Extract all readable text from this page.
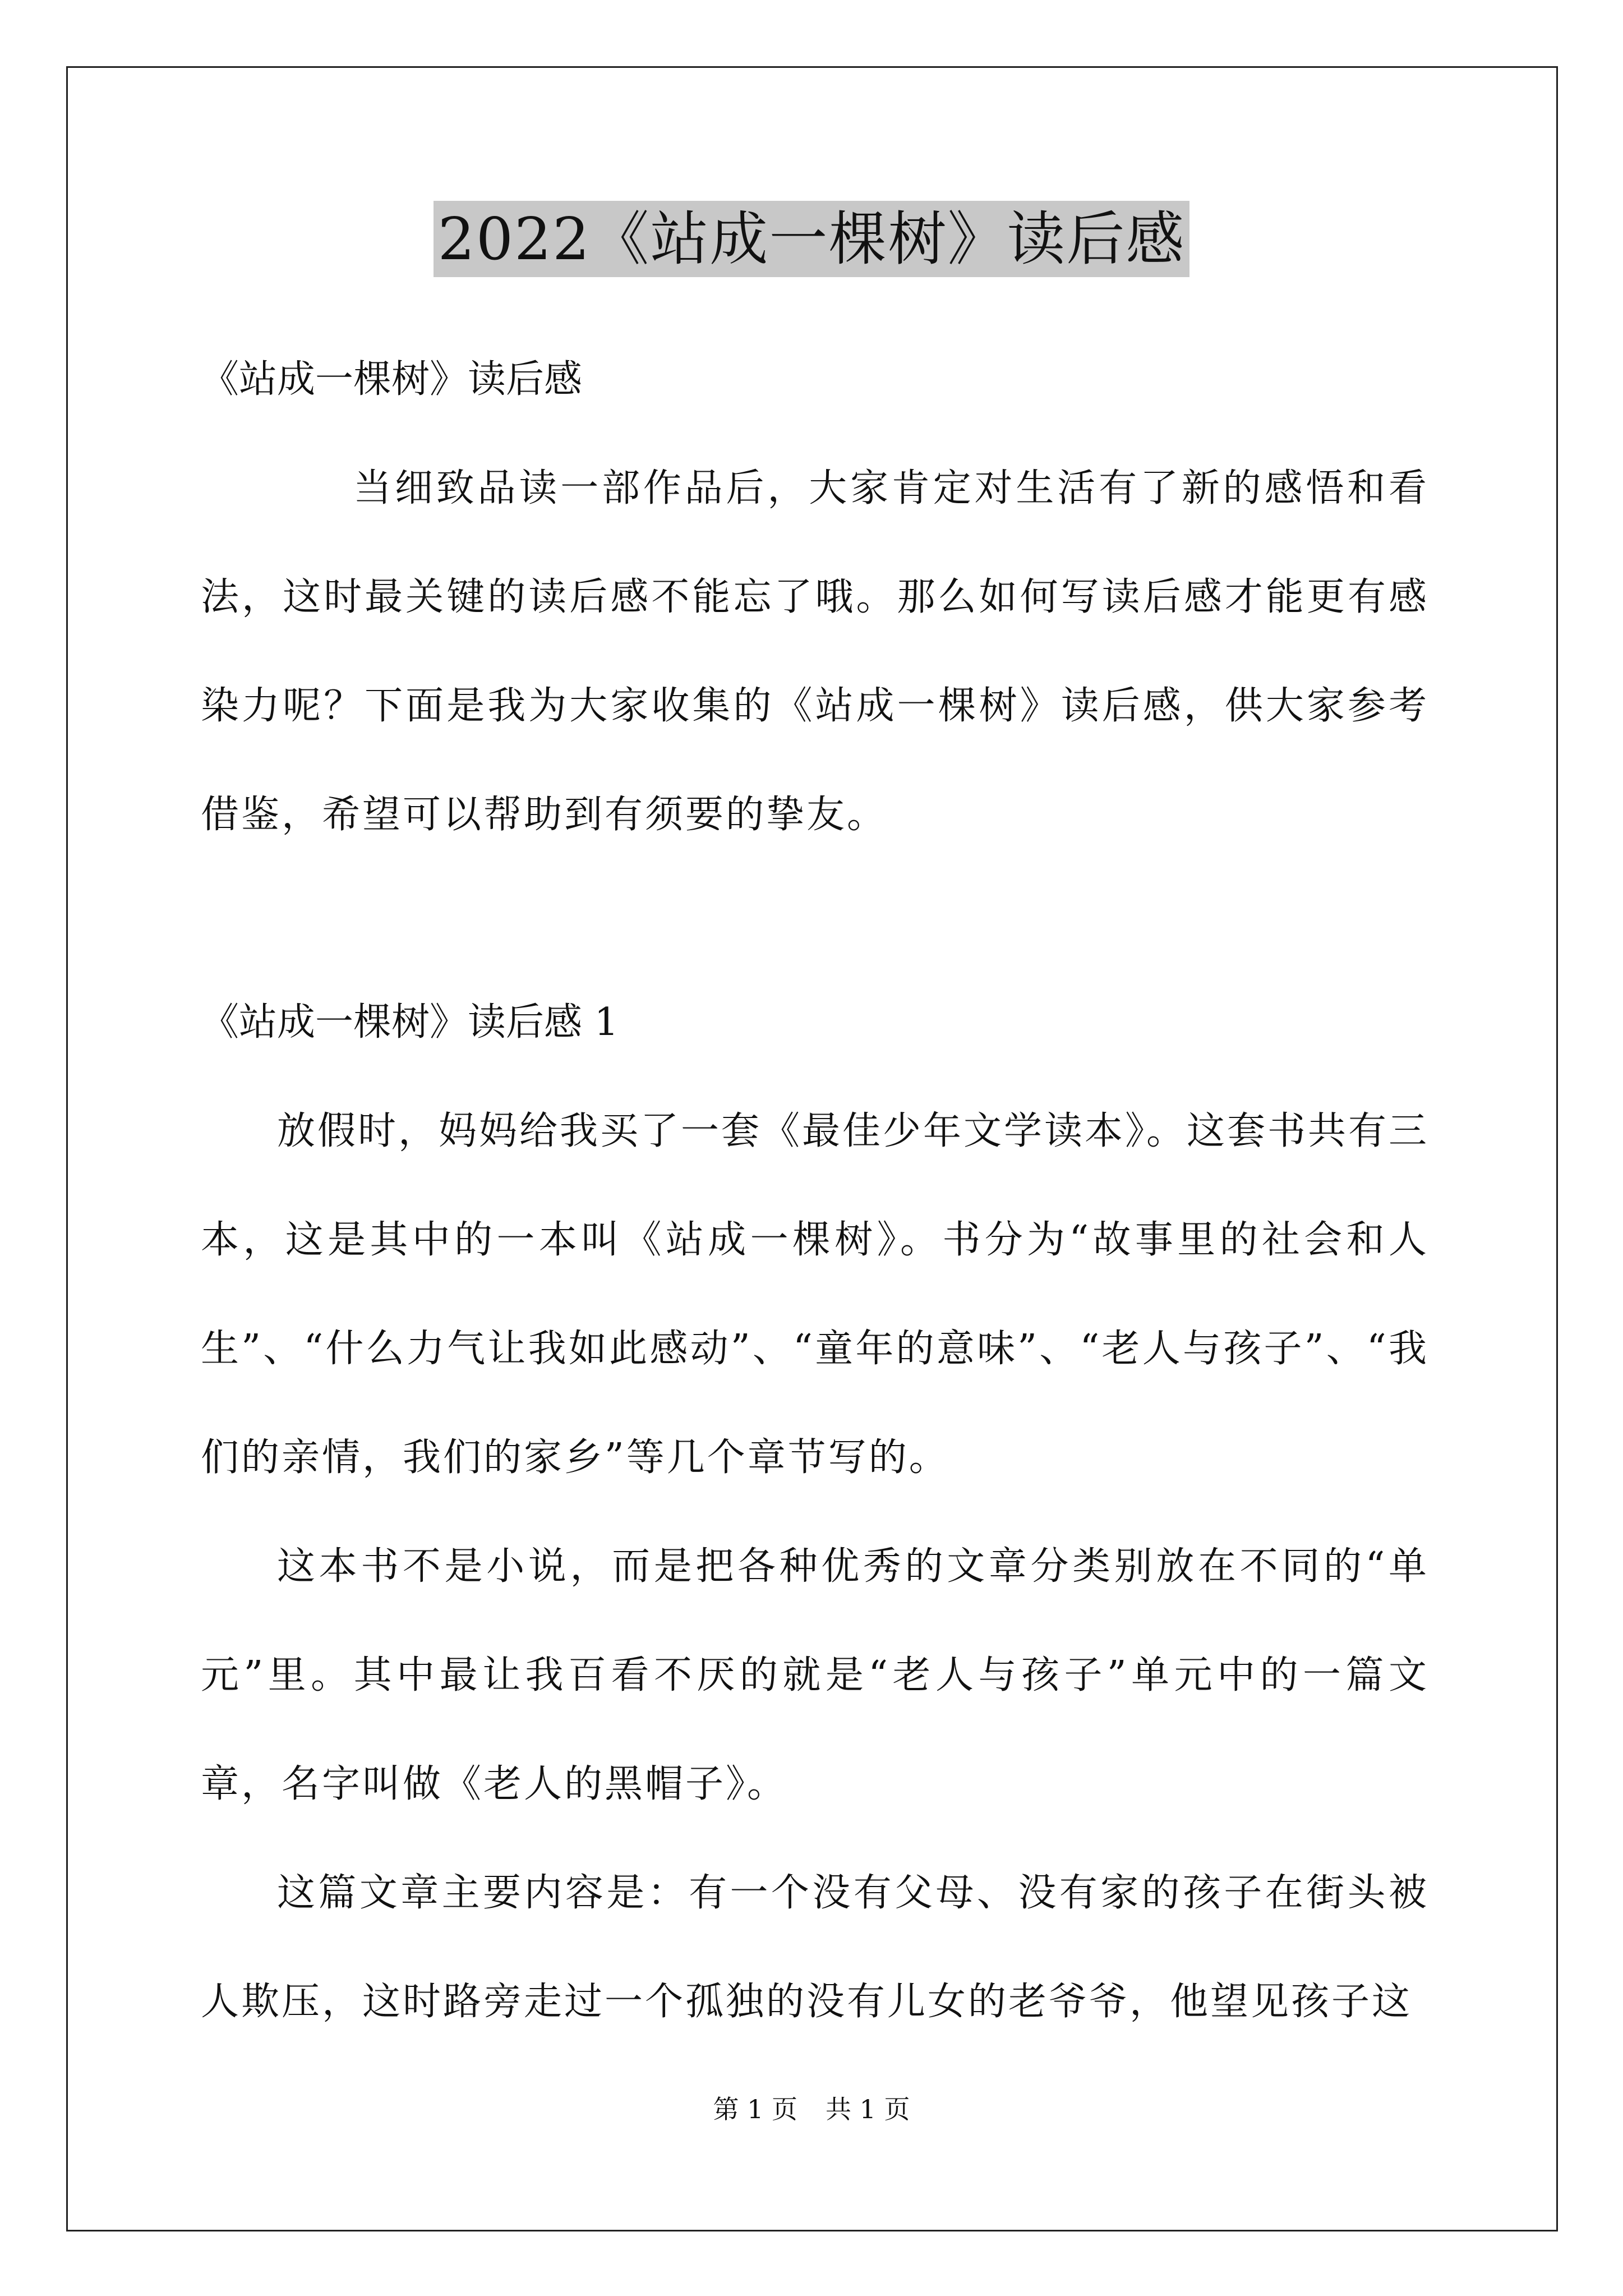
2022《站成一棵树》读后感
《站成一棵树》读后感

当细致品读一部作品后，大家肯定对生活有了新的感悟和看法，这时最关键的读后感不能忘了哦。那么如何写读后感才能更有感染力呢？下面是我为大家收集的《站成一棵树》读后感，供大家参考借鉴，希望可以帮助到有须要的挚友。

《站成一棵树》读后感 1

放假时，妈妈给我买了一套《最佳少年文学读本》。这套书共有三本，这是其中的一本叫《站成一棵树》。书分为“故事里的社会和人生”、“什么力气让我如此感动”、“童年的意味”、“老人与孩子”、“我们的亲情，我们的家乡”等几个章节写的。

这本书不是小说，而是把各种优秀的文章分类别放在不同的“单元”里。其中最让我百看不厌的就是“老人与孩子”单元中的一篇文章，名字叫做《老人的黑帽子》。

这篇文章主要内容是：有一个没有父母、没有家的孩子在街头被人欺压，这时路旁走过一个孤独的没有儿女的老爷爷，他望见孩子这

第 1 页 共 1 页
